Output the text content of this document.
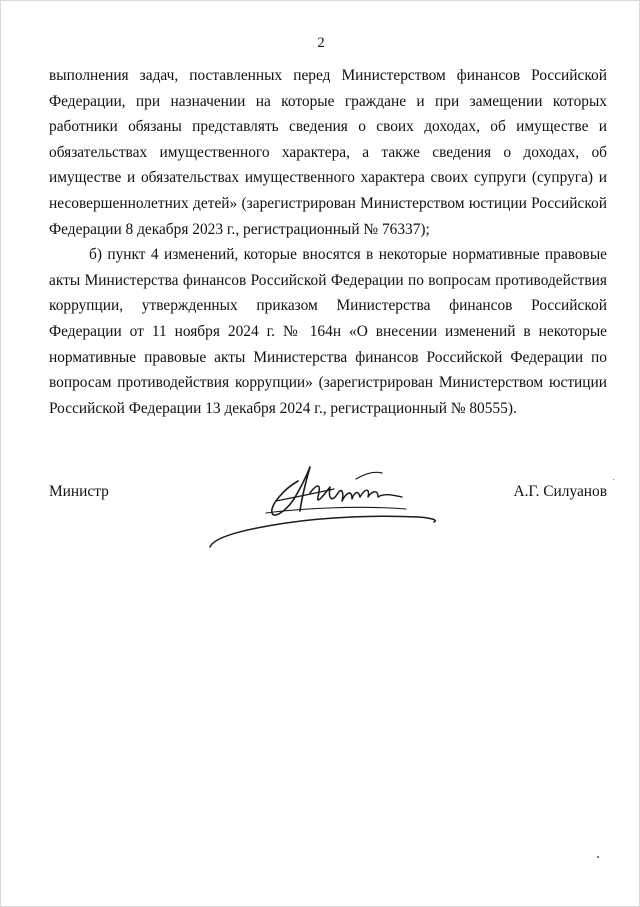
2

выполнения задач, поставленных перед Министерством финансов Российской Федерации, при назначении на которые граждане и при замещении которых работники обязаны представлять сведения о своих доходах, об имуществе и обязательствах имущественного характера, а также сведения о доходах, об имуществе и обязательствах имущественного характера своих супруги (супруга) и несовершеннолетних детей» (зарегистрирован Министерством юстиции Российской Федерации 8 декабря 2023 г., регистрационный № 76337);

б) пункт 4 изменений, которые вносятся в некоторые нормативные правовые акты Министерства финансов Российской Федерации по вопросам противодействия коррупции, утвержденных приказом Министерства финансов Российской Федерации от 11 ноября 2024 г. № 164н «О внесении изменений в некоторые нормативные правовые акты Министерства финансов Российской Федерации по вопросам противодействия коррупции» (зарегистрирован Министерством юстиции Российской Федерации 13 декабря 2024 г., регистрационный № 80555).

Министр	А.Г. Силуанов
